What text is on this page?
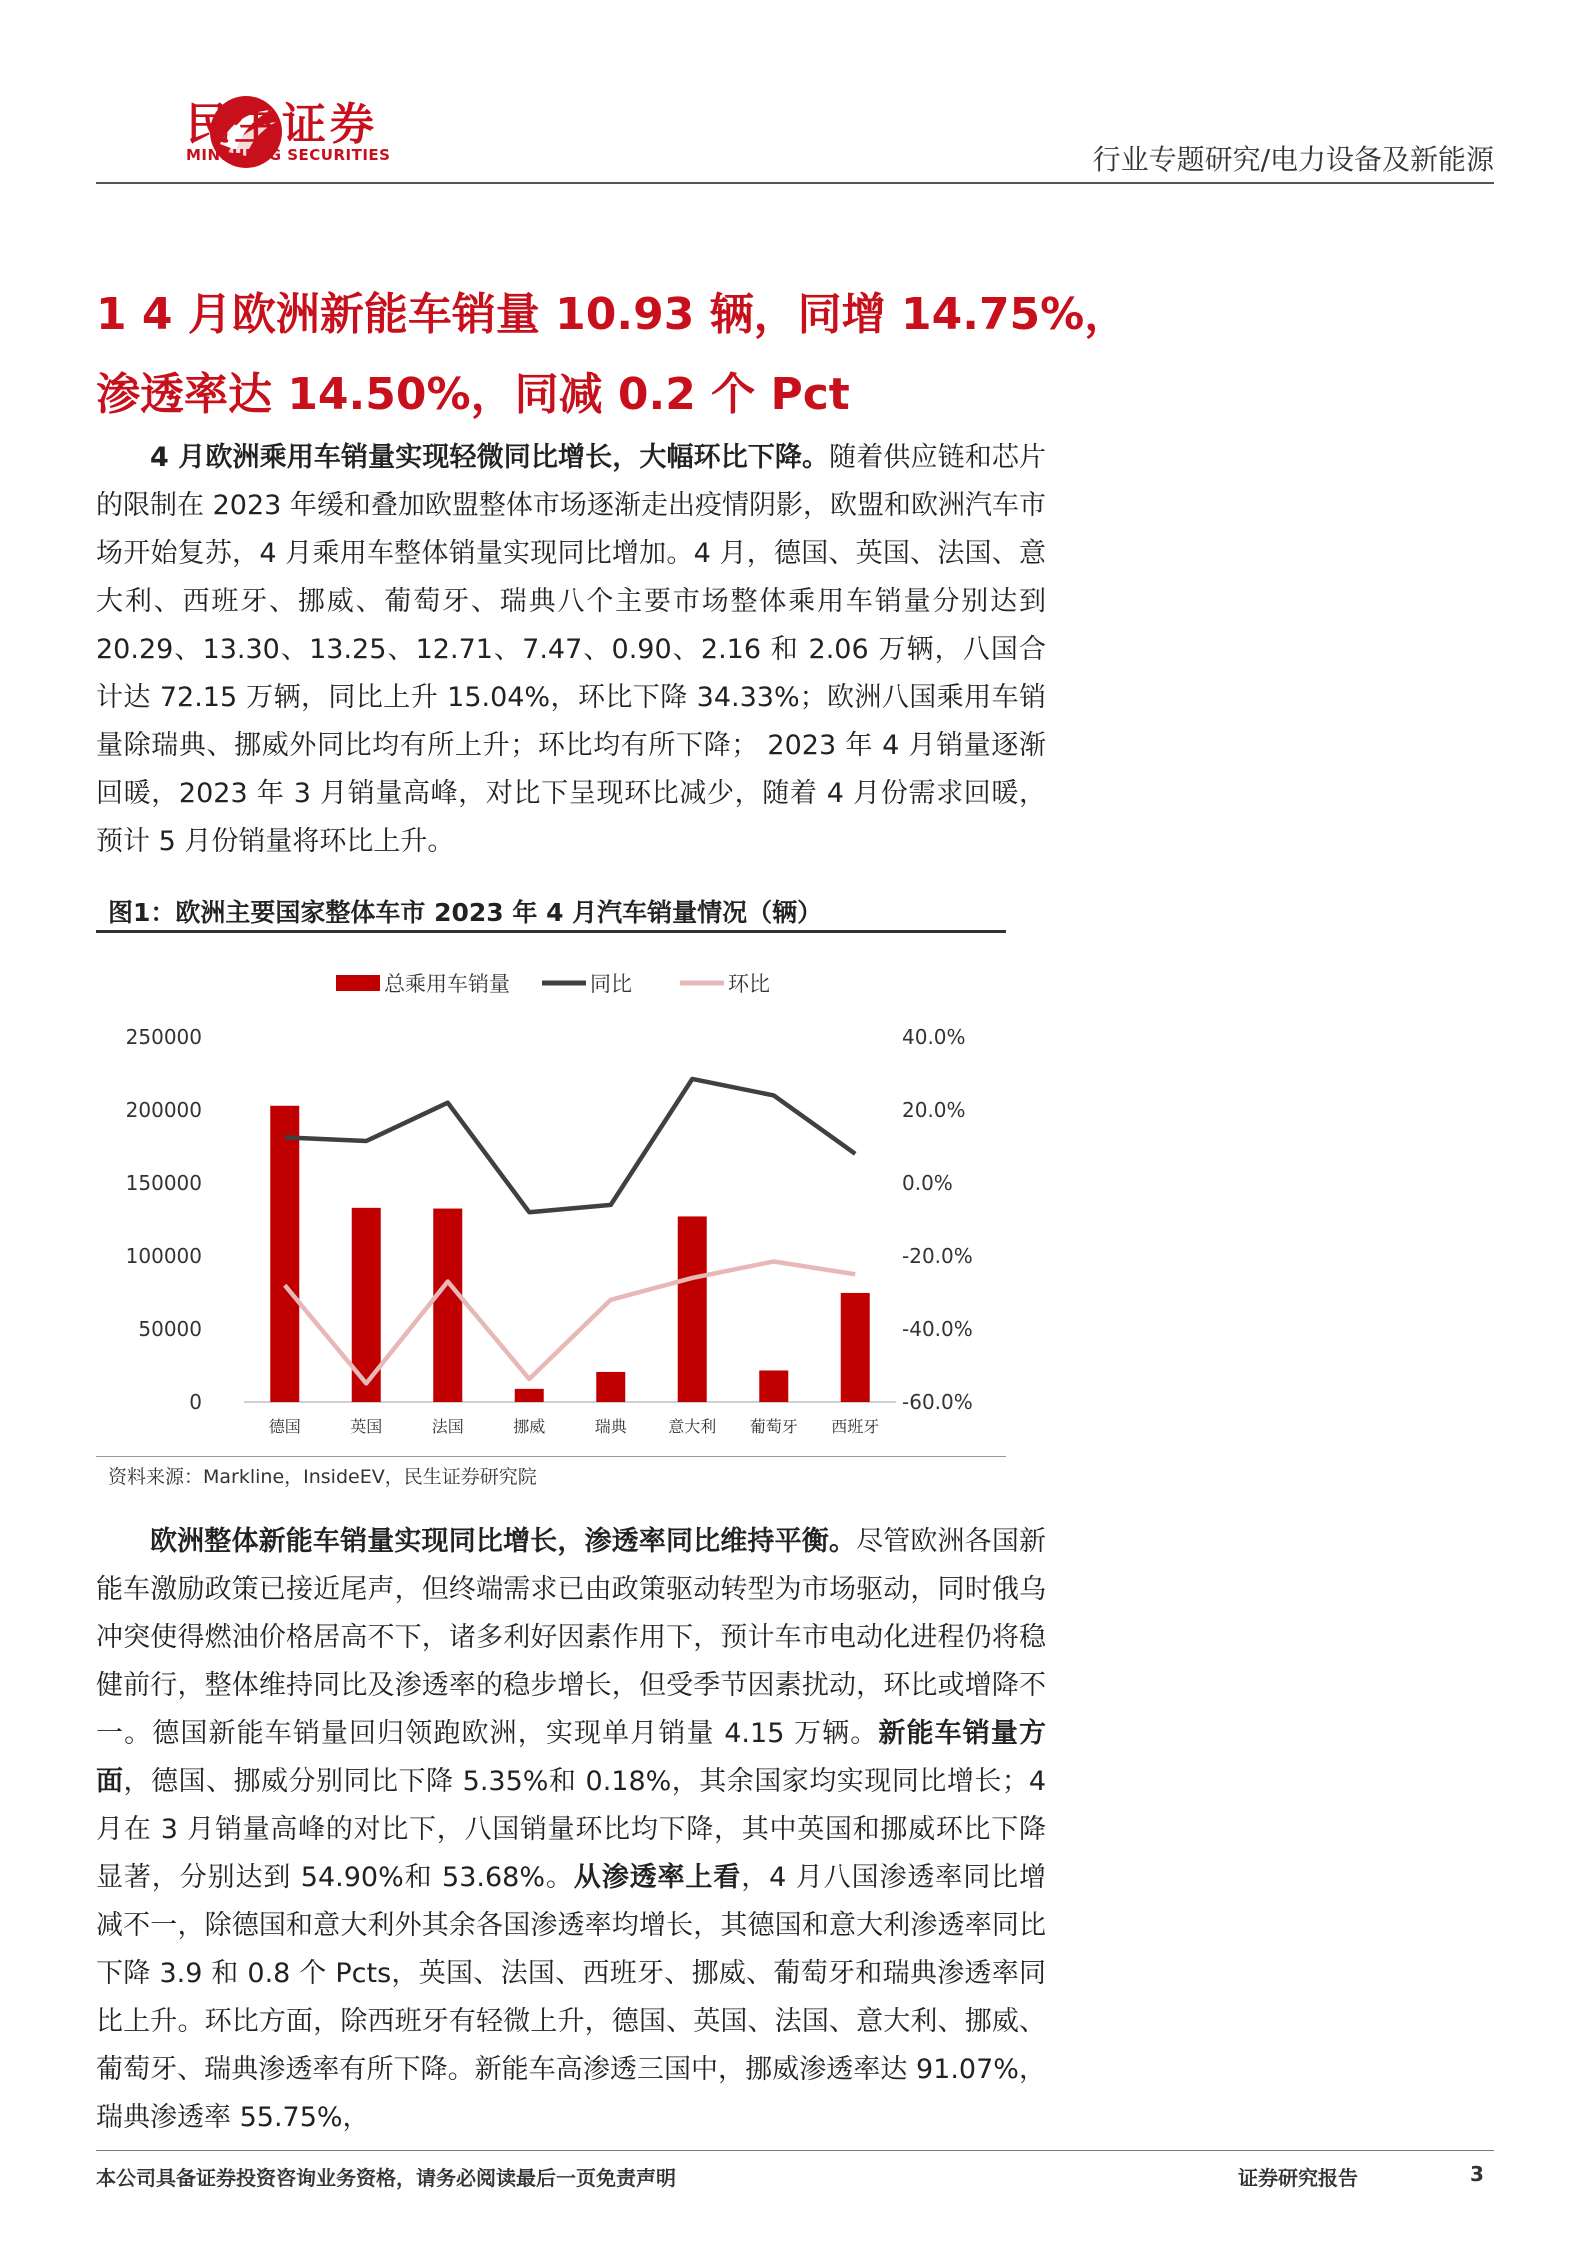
民生证券
MINSHENG SECURITIES	行业专题研究/电力设备及新能源
1 4 月欧洲新能车销量 10.93 辆，同增 14.75%，
渗透率达 14.50%，同减 0.2 个 Pct
4 月欧洲乘用车销量实现轻微同比增长，大幅环比下降。随着供应链和芯片的限制在 2023 年缓和叠加欧盟整体市场逐渐走出疫情阴影，欧盟和欧洲汽车市场开始复苏，4 月乘用车整体销量实现同比增加。4 月，德国、英国、法国、意大利、西班牙、挪威、葡萄牙、瑞典八个主要市场整体乘用车销量分别达到 20.29、13.30、13.25、12.71、7.47、0.90、2.16 和 2.06 万辆，八国合计达 72.15 万辆，同比上升 15.04%，环比下降 34.33%；欧洲八国乘用车销量除瑞典、挪威外同比均有所上升；环比均有所下降； 2023 年 4 月销量逐渐回暖，2023 年 3 月销量高峰，对比下呈现环比减少，随着 4 月份需求回暖，预计 5 月份销量将环比上升。
图1：欧洲主要国家整体车市 2023 年 4 月汽车销量情况（辆）
250000
200000
150000
100000
50000
0
40.0%
20.0%
0.0%
-20.0%
-40.0%
-60.0%
德国	英国	法国	挪威	瑞典	意大利 葡萄牙 西班牙
总乘用车销量	同比	环比
资料来源：Markline，InsideEV，民生证券研究院
欧洲整体新能车销量实现同比增长，渗透率同比维持平衡。尽管欧洲各国新能车激励政策已接近尾声，但终端需求已由政策驱动转型为市场驱动，同时俄乌冲突使得燃油价格居高不下，诸多利好因素作用下，预计车市电动化进程仍将稳健前行，整体维持同比及渗透率的稳步增长，但受季节因素扰动，环比或增降不一。德国新能车销量回归领跑欧洲，实现单月销量 4.15 万辆。新能车销量方面，德国、挪威分别同比下降 5.35%和 0.18%，其余国家均实现同比增长；4 月在 3 月销量高峰的对比下，八国销量环比均下降，其中英国和挪威环比下降显著，分别达到 54.90%和 53.68%。从渗透率上看，4 月八国渗透率同比增减不一，除德国和意大利外其余各国渗透率均增长，其德国和意大利渗透率同比下降 3.9 和 0.8 个 Pcts，英国、法国、西班牙、挪威、葡萄牙和瑞典渗透率同比上升。环比方面，除西班牙有轻微上升，德国、英国、法国、意大利、挪威、葡萄牙、瑞典渗透率有所下降。新能车高渗透三国中，挪威渗透率达 91.07%，瑞典渗透率 55.75%，
本公司具备证券投资咨询业务资格，请务必阅读最后一页免责声明	证券研究报告	3
